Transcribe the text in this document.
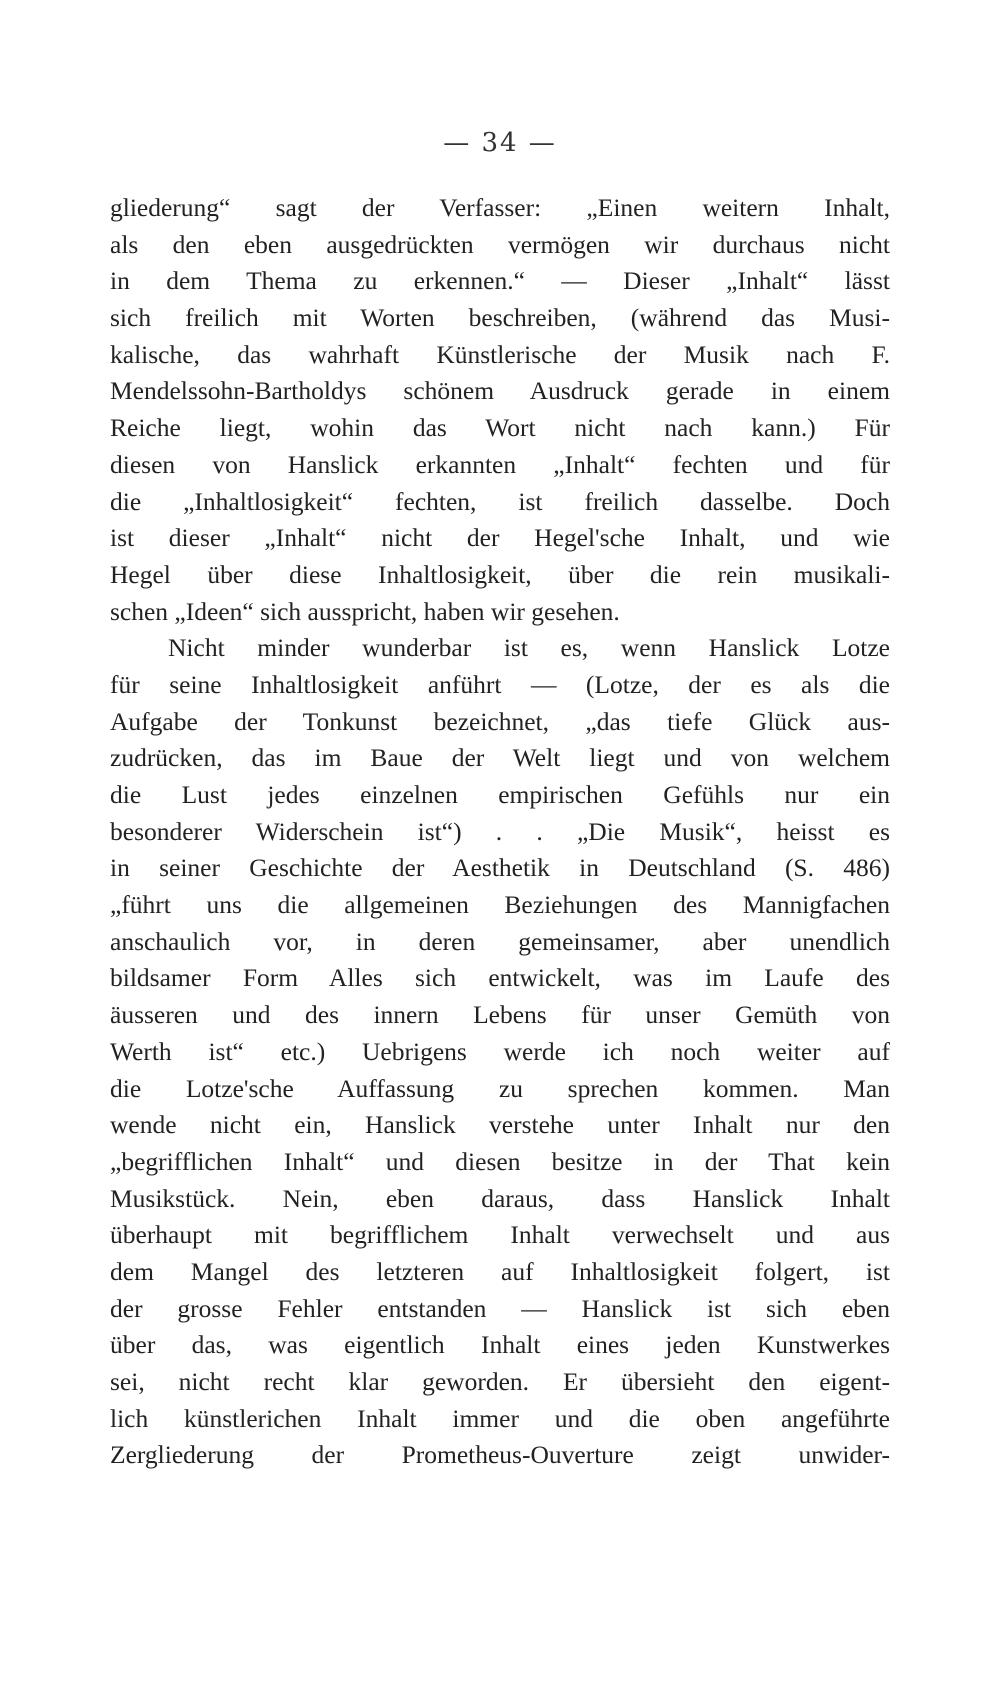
— 34 —
gliederung“ sagt der Verfasser: „Einen weitern Inhalt,
als den eben ausgedrückten vermögen wir durchaus nicht
in dem Thema zu erkennen.“ — Dieser „Inhalt“ lässt
sich freilich mit Worten beschreiben, (während das Musi-
kalische, das wahrhaft Künstlerische der Musik nach F.
Mendelssohn-Bartholdys schönem Ausdruck gerade in einem
Reiche liegt, wohin das Wort nicht nach kann.) Für
diesen von Hanslick erkannten „Inhalt“ fechten und für
die „Inhaltlosigkeit“ fechten, ist freilich dasselbe. Doch
ist dieser „Inhalt“ nicht der Hegel'sche Inhalt, und wie
Hegel über diese Inhaltlosigkeit, über die rein musikali-
schen „Ideen“ sich ausspricht, haben wir gesehen.
Nicht minder wunderbar ist es, wenn Hanslick Lotze
für seine Inhaltlosigkeit anführt — (Lotze, der es als die
Aufgabe der Tonkunst bezeichnet, „das tiefe Glück aus-
zudrücken, das im Baue der Welt liegt und von welchem
die Lust jedes einzelnen empirischen Gefühls nur ein
besonderer Widerschein ist“) . . „Die Musik“, heisst es
in seiner Geschichte der Aesthetik in Deutschland (S. 486)
„führt uns die allgemeinen Beziehungen des Mannigfachen
anschaulich vor, in deren gemeinsamer, aber unendlich
bildsamer Form Alles sich entwickelt, was im Laufe des
äusseren und des innern Lebens für unser Gemüth von
Werth ist“ etc.) Uebrigens werde ich noch weiter auf
die Lotze'sche Auffassung zu sprechen kommen. Man
wende nicht ein, Hanslick verstehe unter Inhalt nur den
„begrifflichen Inhalt“ und diesen besitze in der That kein
Musikstück. Nein, eben daraus, dass Hanslick Inhalt
überhaupt mit begrifflichem Inhalt verwechselt und aus
dem Mangel des letzteren auf Inhaltlosigkeit folgert, ist
der grosse Fehler entstanden — Hanslick ist sich eben
über das, was eigentlich Inhalt eines jeden Kunstwerkes
sei, nicht recht klar geworden. Er übersieht den eigent-
lich künstlerichen Inhalt immer und die oben angeführte
Zergliederung der Prometheus-Ouverture zeigt unwider-
